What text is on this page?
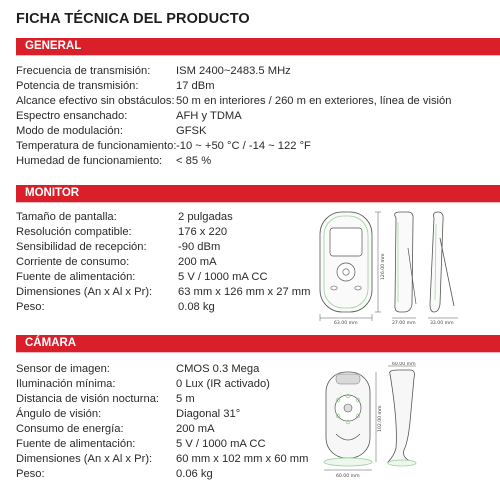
FICHA TÉCNICA DEL PRODUCTO
GENERAL
Frecuencia de transmisión: ISM 2400~2483.5 MHz
Potencia de transmisión:	17 dBm
Alcance efectivo sin obstáculos: 50 m en interiores / 260 m en exteriores, línea de visión
Espectro ensanchado:	AFH y TDMA
Modo de modulación:	GFSK
Temperatura de funcionamiento: -10 ~ +50 °C / -14 ~ 122 °F
Humedad de funcionamiento: < 85 %
MONITOR
Tamaño de pantalla:	2 pulgadas
Resolución compatible:	176 x 220
Sensibilidad de recepción:	-90 dBm
Corriente de consumo:	200 mA
Fuente de alimentación:	5 V / 1000 mA CC
Dimensiones (An x Al x Pr): 63 mm x 126 mm x 27 mm
Peso:	0.08 kg
63.00 mm
126.00 mm
27.00 mm	33.00 mm
CÁMARA
Sensor de imagen:	CMOS 0.3 Mega
Iluminación mínima:	0 Lux (IR activado)
Distancia de visión nocturna: 5 m
Ángulo de visión:	Diagonal 31°
Consumo de energía:	200 mA
Fuente de alimentación:	5 V / 1000 mA CC
Dimensiones (An x Al x Pr): 60 mm x 102 mm x 60 mm
Peso:	0.06 kg	60.00 mm
102.00 mm
60.00 mm
